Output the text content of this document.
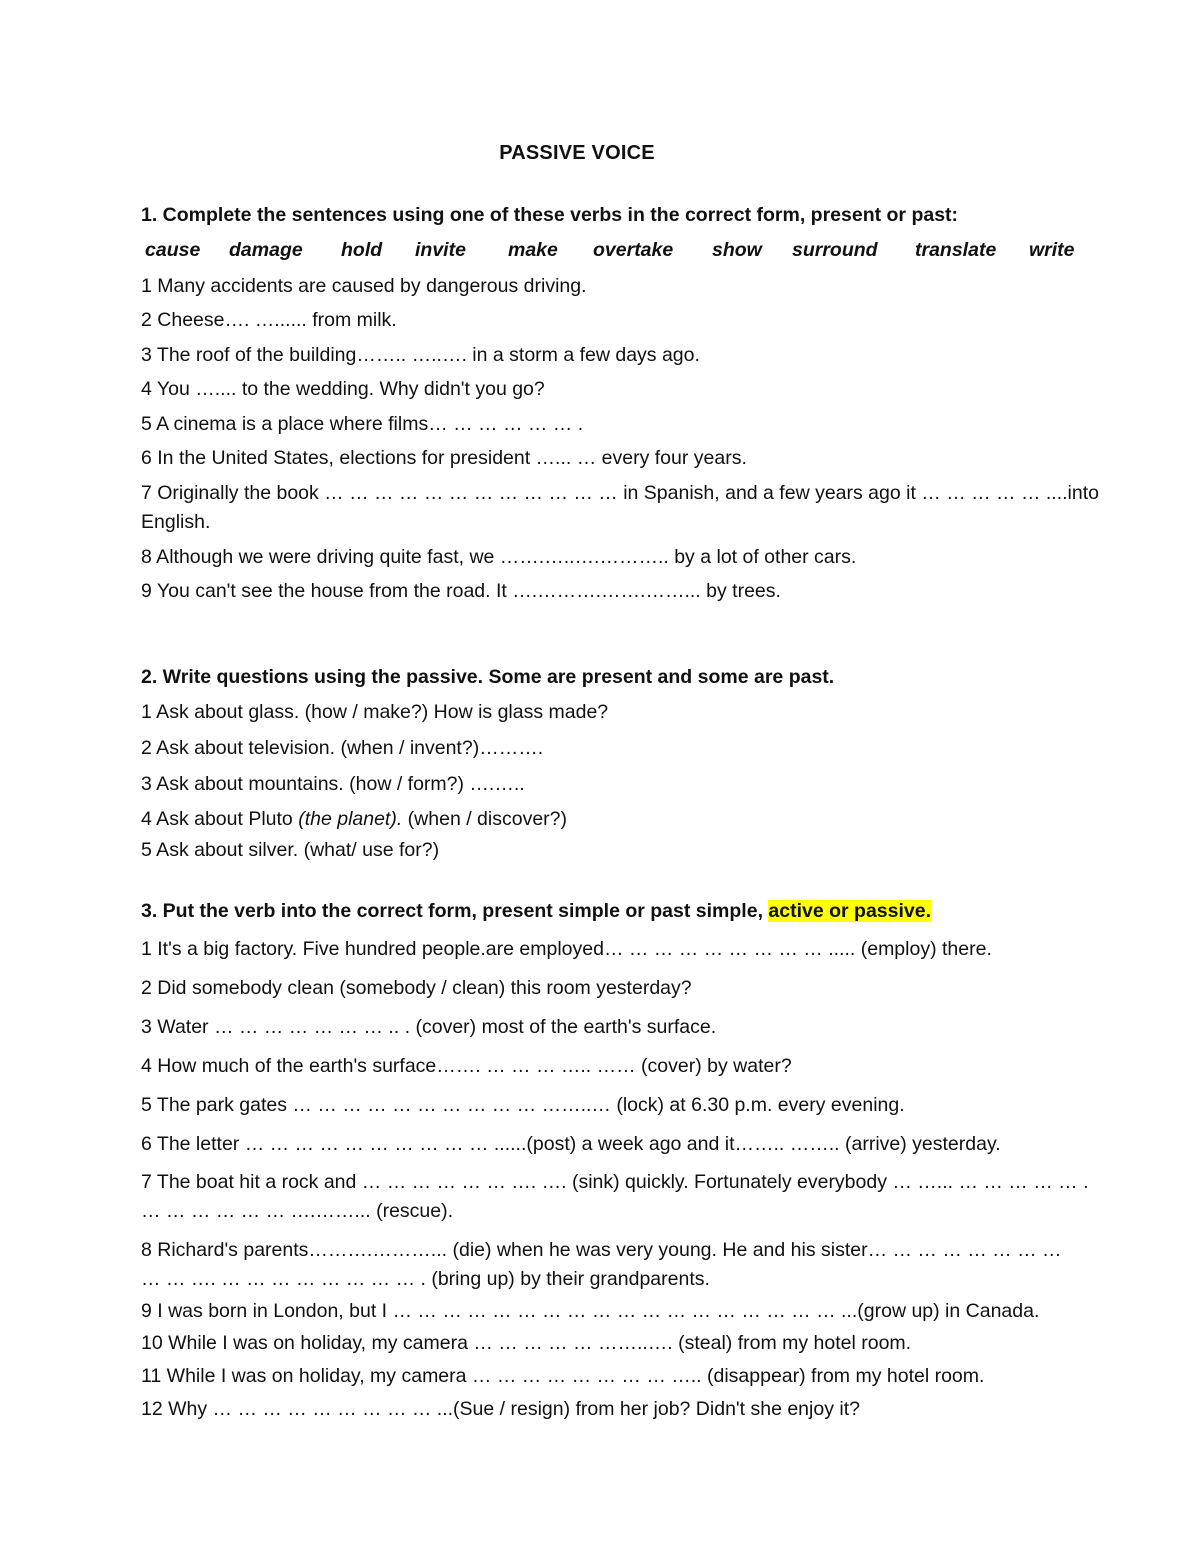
PASSIVE VOICE
1. Complete the sentences using one of these verbs in the correct form, present or past:
cause damage hold invite make overtake show surround translate write
1 Many accidents are caused by dangerous driving.
2 Cheese…. …...... from milk.
3 The roof of the building…….. …..…. in a storm a few days ago.
4 You ….... to the wedding. Why didn't you go?
5 A cinema is a place where films… … … … … … .
6 In the United States, elections for president …... … every four years.
7 Originally the book … … … … … … … … … … … … in Spanish, and a few years ago it … … … … … ....into
English.
8 Although we were driving quite fast, we …….…..….……….. by a lot of other cars.
9 You can't see the house from the road. It ….……….…….……... by trees.
2. Write questions using the passive. Some are present and some are past.
1 Ask about glass. (how / make?) How is glass made?
2 Ask about television. (when / invent?)……….
3 Ask about mountains. (how / form?) ….…..
4 Ask about Pluto (the planet). (when / discover?)
5 Ask about silver. (what/ use for?)
3. Put the verb into the correct form, present simple or past simple, active or passive.
1 It's a big factory. Five hundred people.are employed… … … … … … … … … ..... (employ) there.
2 Did somebody clean (somebody / clean) this room yesterday?
3 Water … … … … … … … .. . (cover) most of the earth's surface.
4 How much of the earth's surface……. … … … ….. …… (cover) by water?
5 The park gates … … … … … … … … … … ……..… (lock) at 6.30 p.m. every evening.
6 The letter … … … … … … … … … … ......(post) a week ago and it…….. …….. (arrive) yesterday.
7 The boat hit a rock and … … … … … … …. …. (sink) quickly. Fortunately everybody … …... … … … … … .
… … … … … … ….……... (rescue).
8 Richard's parents……….………... (die) when he was very young. He and his sister… … … … … … … …
… … …. … … … … … … … … . (bring up) by their grandparents.
9 I was born in London, but I … … … … … … … … … … … … … … … … … … ...(grow up) in Canada.
10 While I was on holiday, my camera … … … … … ……..…. (steal) from my hotel room.
11 While I was on holiday, my camera … … … … … … … … ….. (disappear) from my hotel room.
12 Why … … … … … … … … … ...(Sue / resign) from her job? Didn't she enjoy it?
